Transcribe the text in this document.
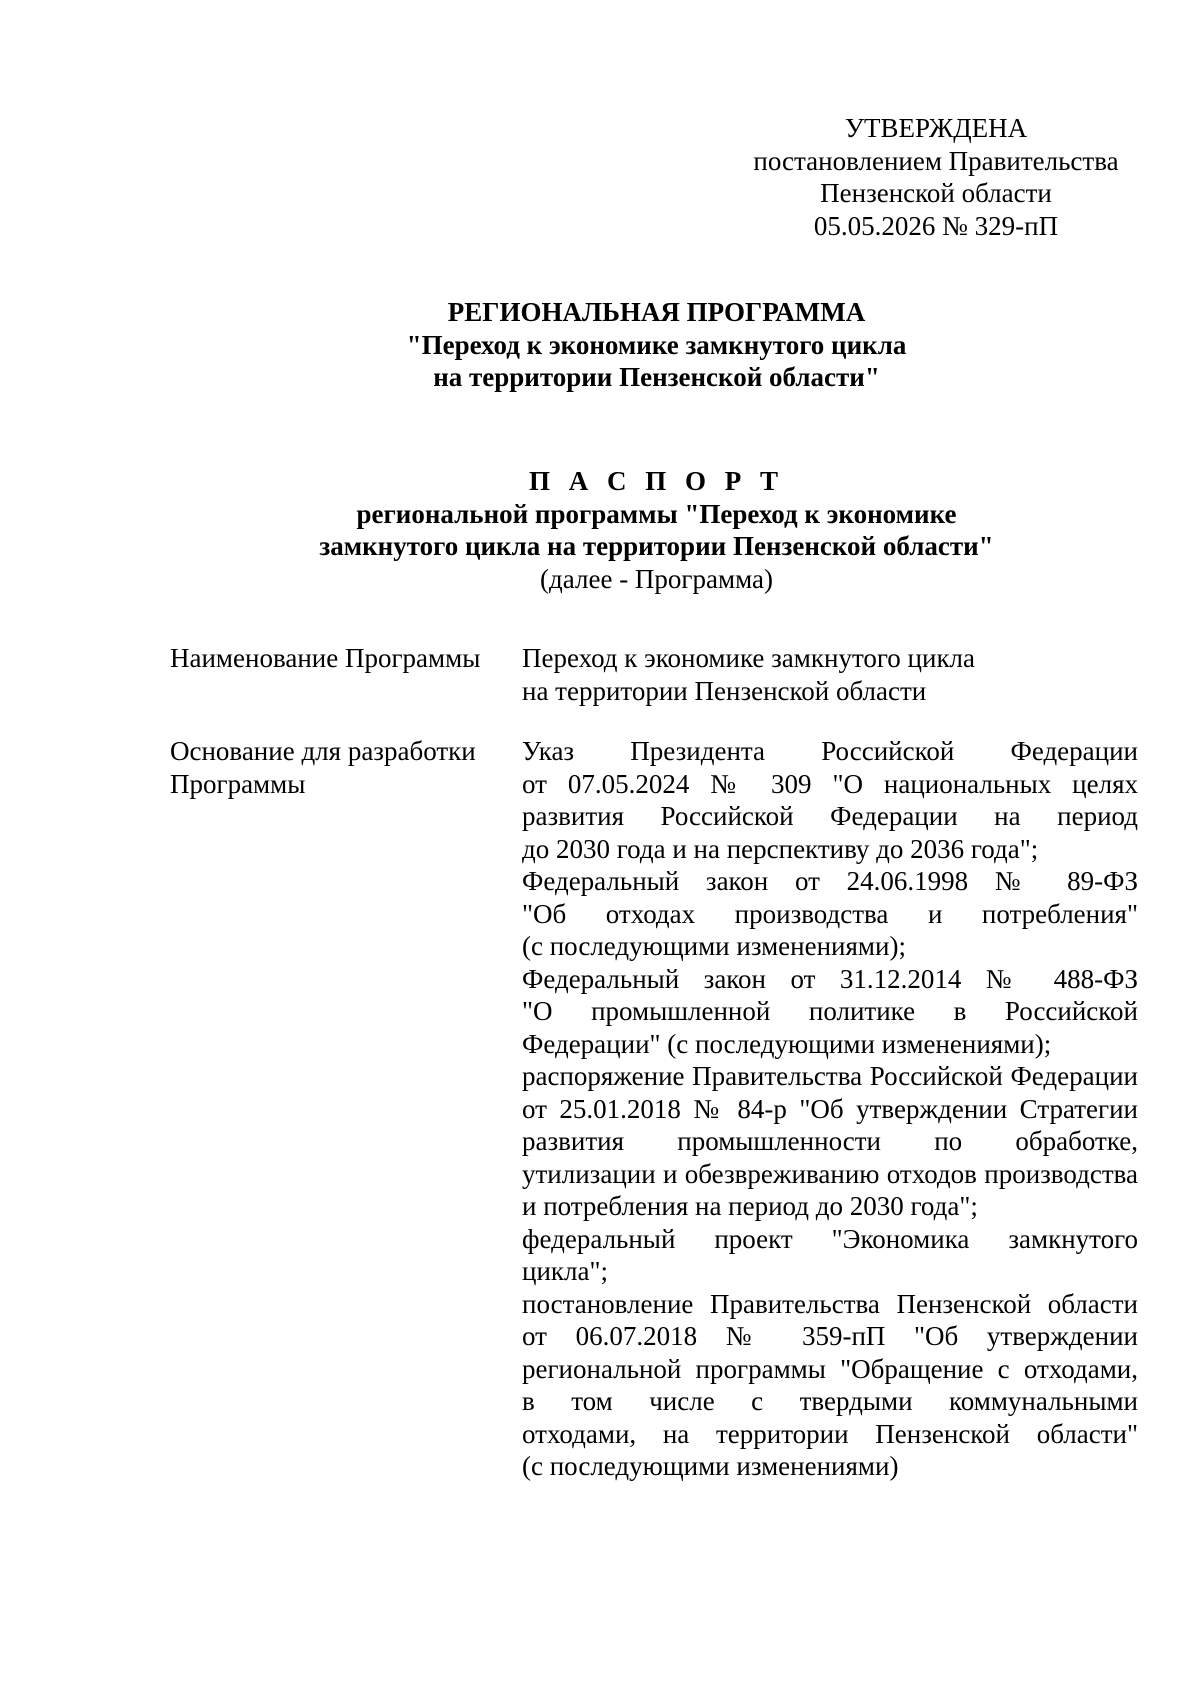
УТВЕРЖДЕНА
постановлением Правительства
Пензенской области
05.05.2026 № 329-пП
РЕГИОНАЛЬНАЯ ПРОГРАММА
"Переход к экономике замкнутого цикла
на территории Пензенской области"
П А С П О Р Т
региональной программы "Переход к экономике
замкнутого цикла на территории Пензенской области"
(далее - Программа)
Наименование Программы	Переход к экономике замкнутого цикла
на территории Пензенской области
Основание для разработки
Программы

Указ Президента Российской Федерации
от 07.05.2024 № 309 "О национальных целях
развития Российской Федерации на период
до 2030 года и на перспективу до 2036 года";

Федеральный закон от 24.06.1998 № 89-ФЗ
"Об отходах производства и потребления"
(с последующими изменениями);

Федеральный закон от 31.12.2014 № 488-ФЗ
"О промышленной политике в Российской
Федерации" (с последующими изменениями);

распоряжение Правительства Российской Федерации
от 25.01.2018 № 84-р "Об утверждении Стратегии
развития промышленности по обработке,
утилизации и обезвреживанию отходов производства
и потребления на период до 2030 года";

федеральный проект "Экономика замкнутого
цикла";

постановление Правительства Пензенской области
от 06.07.2018 № 359-пП "Об утверждении
региональной программы "Обращение с отходами,
в том числе с твердыми коммунальными
отходами, на территории Пензенской области"
(с последующими изменениями)
